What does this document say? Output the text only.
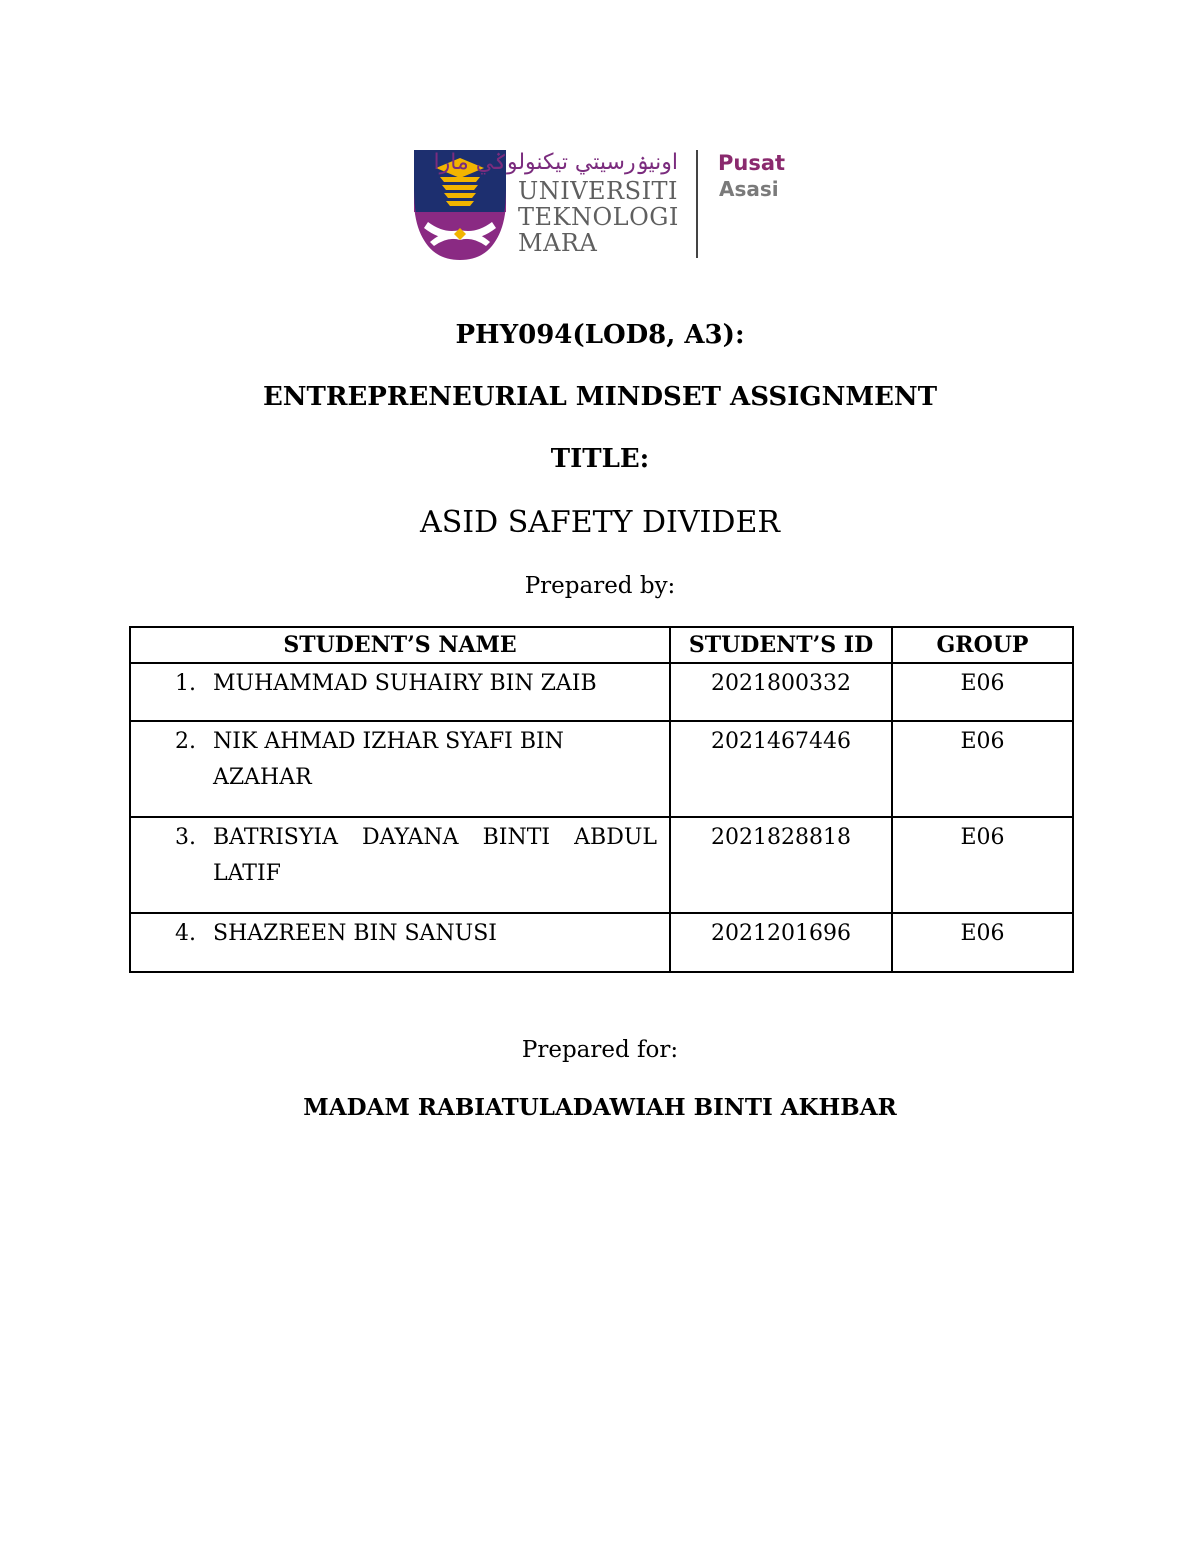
اونيۏرسيتي تيكنولوݢي مارا
UNIVERSITI
TEKNOLOGI
MARA
Pusat
Asasi
PHY094(LOD8, A3):
ENTREPRENEURIAL MINDSET ASSIGNMENT
TITLE:
ASID SAFETY DIVIDER
Prepared by:
STUDENT’S NAME	STUDENT’S ID	GROUP

1. MUHAMMAD SUHAIRY BIN ZAIB	2021800332	E06

2. NIK AHMAD IZHAR SYAFI BIN AZAHAR	2021467446	E06

3. BATRISYIA DAYANA BINTI ABDUL LATIF	2021828818	E06

4. SHAZREEN BIN SANUSI	2021201696	E06
Prepared for:
MADAM RABIATULADAWIAH BINTI AKHBAR
